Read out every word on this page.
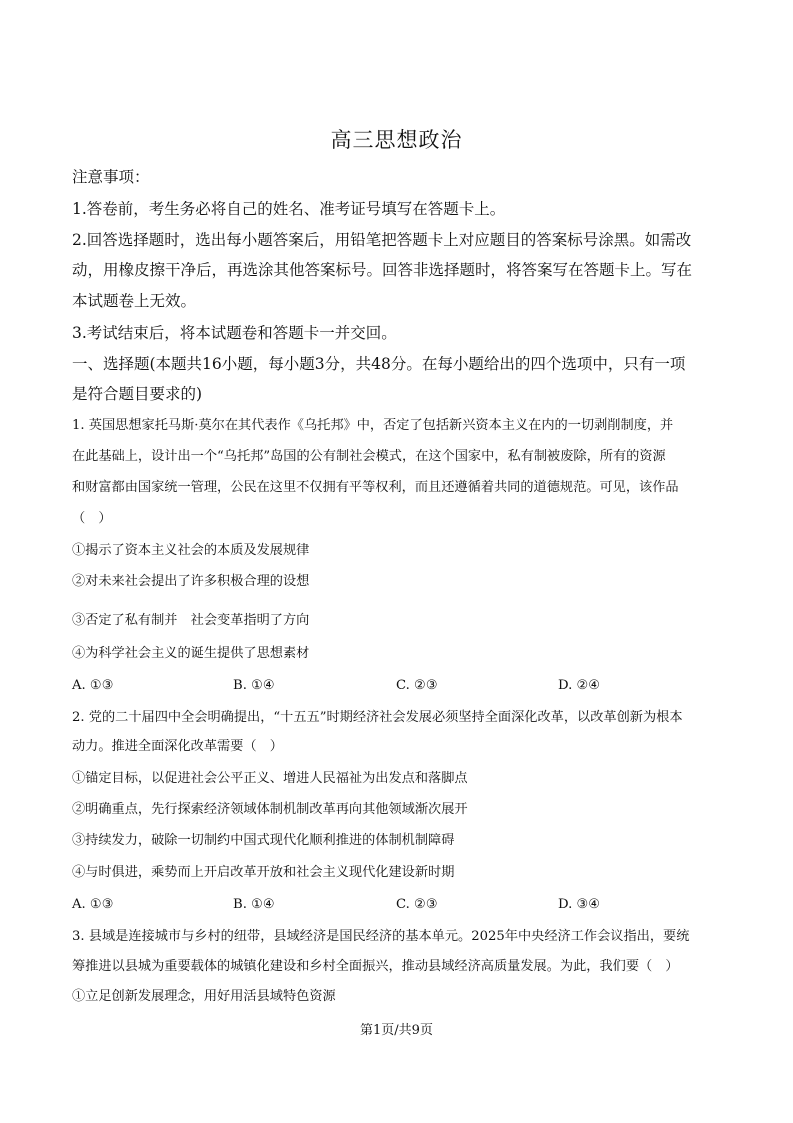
高三思想政治
注意事项：
1.答卷前，考生务必将自己的姓名、准考证号填写在答题卡上。
2.回答选择题时，选出每小题答案后，用铅笔把答题卡上对应题目的答案标号涂黑。如需改
动，用橡皮擦干净后，再选涂其他答案标号。回答非选择题时，将答案写在答题卡上。写在
本试题卷上无效。
3.考试结束后，将本试题卷和答题卡一并交回。
一、选择题(本题共16小题，每小题3分，共48分。在每小题给出的四个选项中，只有一项
是符合题目要求的)
1. 英国思想家托马斯·莫尔在其代表作《乌托邦》中，否定了包括新兴资本主义在内的一切剥削制度，并
在此基础上，设计出一个“乌托邦”岛国的公有制社会模式，在这个国家中，私有制被废除，所有的资源
和财富都由国家统一管理，公民在这里不仅拥有平等权利，而且还遵循着共同的道德规范。可见，该作品
（　）
①揭示了资本主义社会的本质及发展规律
②对未来社会提出了许多积极合理的设想
③否定了私有制并　社会变革指明了方向
④为科学社会主义的诞生提供了思想素材
A. ①③	B. ①④	C. ②③	D. ②④
2. 党的二十届四中全会明确提出，“十五五”时期经济社会发展必须坚持全面深化改革，以改革创新为根本
动力。推进全面深化改革需要（　）
①锚定目标，以促进社会公平正义、增进人民福祉为出发点和落脚点
②明确重点，先行探索经济领域体制机制改革再向其他领域渐次展开
③持续发力，破除一切制约中国式现代化顺利推进的体制机制障碍
④与时俱进，乘势而上开启改革开放和社会主义现代化建设新时期
A. ①③	B. ①④	C. ②③	D. ③④
3. 县域是连接城市与乡村的纽带，县域经济是国民经济的基本单元。2025年中央经济工作会议指出，要统
筹推进以县城为重要载体的城镇化建设和乡村全面振兴，推动县域经济高质量发展。为此，我们要（　）
①立足创新发展理念，用好用活县域特色资源
第1页/共9页
